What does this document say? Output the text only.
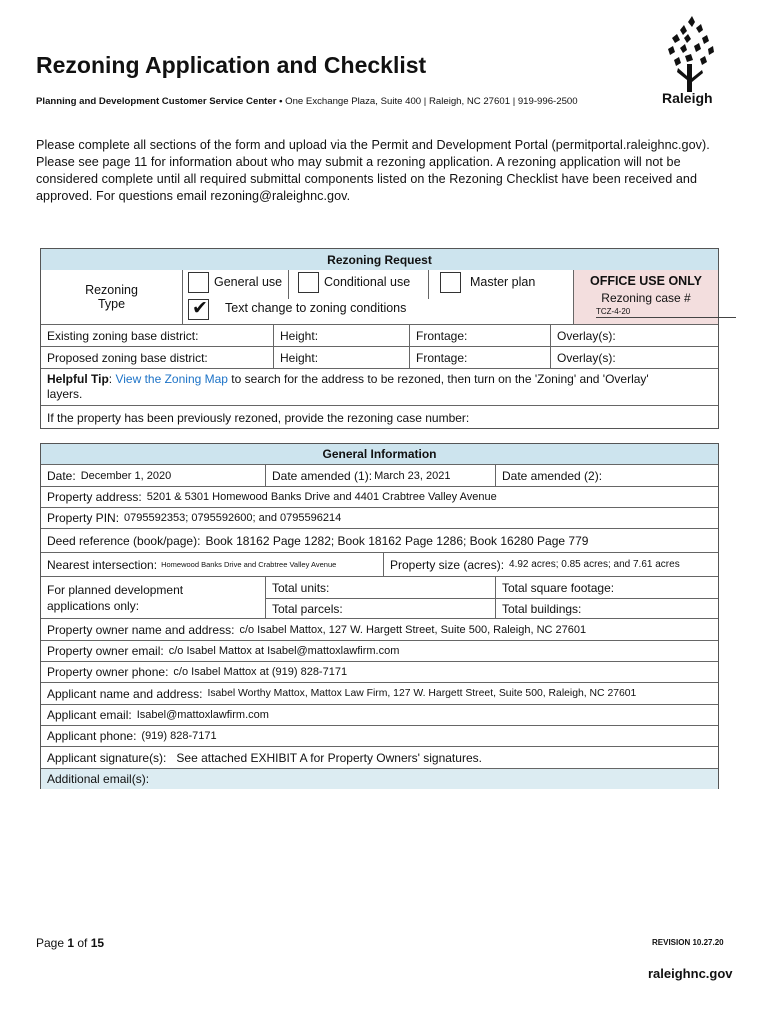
Rezoning Application and Checklist
Planning and Development Customer Service Center • One Exchange Plaza, Suite 400 | Raleigh, NC 27601 | 919-996-2500	Raleigh
Please complete all sections of the form and upload via the Permit and Development Portal (permitportal.raleighnc.gov). Please see page 11 for information about who may submit a rezoning application. A rezoning application will not be considered complete until all required submittal components listed on the Rezoning Checklist have been received and approved. For questions email rezoning@raleighnc.gov.
Rezoning Request
Rezoning
Type
General use	Conditional use	Master plan
✔ Text change to zoning conditions
OFFICE USE ONLY
Rezoning case #
TCZ-4-20
Existing zoning base district:	Height:	Frontage:	Overlay(s):
Proposed zoning base district:	Height:	Frontage:	Overlay(s):
Helpful Tip: View the Zoning Map to search for the address to be rezoned, then turn on the 'Zoning' and 'Overlay'
layers.
If the property has been previously rezoned, provide the rezoning case number:
General Information
Date: December 1, 2020	Date amended (1): March 23, 2021	Date amended (2):
Property address: 5201 & 5301 Homewood Banks Drive and 4401 Crabtree Valley Avenue
Property PIN: 0795592353; 0795592600; and 0795596214
Deed reference (book/page): Book 18162 Page 1282; Book 18162 Page 1286; Book 16280 Page 779
Nearest intersection: Homewood Banks Drive and Crabtree Valley Avenue	Property size (acres): 4.92 acres; 0.85 acres; and 7.61 acres
For planned development
applications only:
Total units:	Total square footage:
Total parcels:	Total buildings:
Property owner name and address: c/o Isabel Mattox, 127 W. Hargett Street, Suite 500, Raleigh, NC 27601
Property owner email: c/o Isabel Mattox at Isabel@mattoxlawfirm.com
Property owner phone: c/o Isabel Mattox at (919) 828-7171
Applicant name and address: Isabel Worthy Mattox, Mattox Law Firm, 127 W. Hargett Street, Suite 500, Raleigh, NC 27601
Applicant email: Isabel@mattoxlawfirm.com
Applicant phone: (919) 828-7171
Applicant signature(s): See attached EXHIBIT A for Property Owners' signatures.
Additional email(s):
Page 1 of 15	REVISION 10.27.20
raleighnc.gov
